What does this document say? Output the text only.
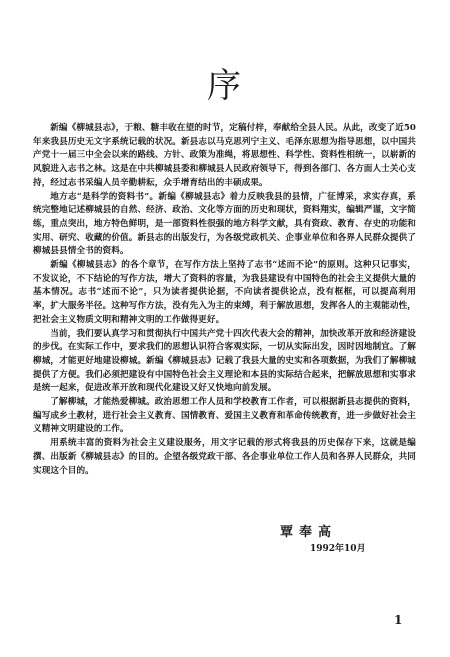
序

新编《柳城县志》，于粮、糖丰收在望的时节，定稿付梓，奉献给全县人民。从此，改变了近50年来我县历史无文字系统记载的状况。新县志以马克思列宁主义、毛泽东思想为指导思想，以中国共产党十一届三中全会以来的路线、方针、政策为准绳，将思想性、科学性、资料性相统一，以崭新的风貌进入志书之林。这是在中共柳城县委和柳城县人民政府领导下，得到各部门、各方面人士关心支持，经过志书采编人员辛勤耕耘，众手增育结出的丰硕成果。

地方志“是科学的资料书”。新编《柳城县志》着力反映我县的县情，广征博采，求实存真，系统完整地记述柳城县的自然、经济、政治、文化等方面的历史和现状，资料翔实，编辑严谨，文字简练，重点突出，地方特色鲜明，是一部资料性很强的地方科学文献，具有资政、教育、存史的功能和实用、研究、收藏的价值。新县志的出版发行，为各级党政机关、企事业单位和各界人民群众提供了柳城县县情全书的资料。

新编《柳城县志》的各个章节，在写作方法上坚持了志书“述而不论”的原则。这种只记事实，不发议论，不下结论的写作方法，增大了资料的容量，为我县建设有中国特色的社会主义提供大量的基本情况。志书“述而不论”，只为读者提供论据，不向读者提供论点，没有框框，可以提高利用率，扩大服务半径。这种写作方法，没有先入为主的束缚，利于解放思想，发挥各人的主观能动性，把社会主义物质文明和精神文明的工作做得更好。

当前，我们要认真学习和贯彻执行中国共产党十四次代表大会的精神，加快改革开放和经济建设的步伐。在实际工作中，要求我们的思想认识符合客观实际，一切从实际出发，因时因地制宜。了解柳城，才能更好地建设柳城。新编《柳城县志》记载了我县大量的史实和各项数据，为我们了解柳城提供了方便。我们必须把建设有中国特色社会主义理论和本县的实际结合起来，把解放思想和实事求是统一起来，促进改革开放和现代化建设又好又快地向前发展。

了解柳城，才能热爱柳城。政治思想工作人员和学校教育工作者，可以根据新县志提供的资料，编写成乡土教材，进行社会主义教育、国情教育、爱国主义教育和革命传统教育，进一步做好社会主义精神文明建设的工作。

用系统丰富的资料为社会主义建设服务，用文字记载的形式将我县的历史保存下来，这就是编撰、出版新《柳城县志》的目的。企望各级党政干部、各企事业单位工作人员和各界人民群众，共同实现这个目的。

覃奉高
1992年10月
1
